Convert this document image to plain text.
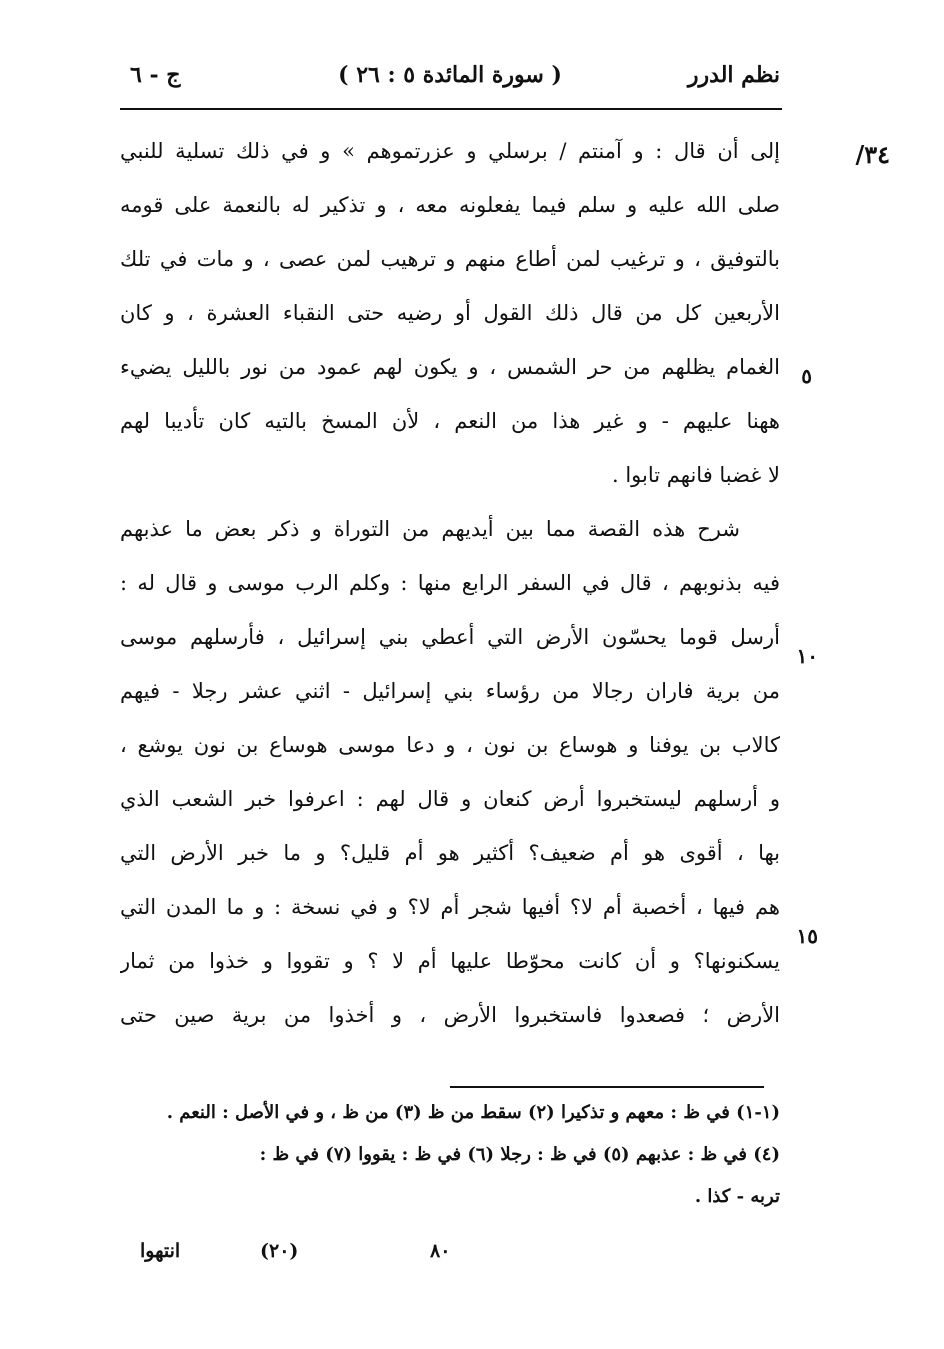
نظم الدرر
( سورة المائدة ٥ : ٢٦ )
ج - ٦
٣٤/
٥
١٠
١٥
إلى أن قال : و آمنتم / برسلي و عزرتموهم » و في ذلك تسلية للنبي
صلى الله عليه و سلم فيما يفعلونه معه ، و تذكير له بالنعمة على قومه
بالتوفيق ، و ترغيب لمن أطاع منهم و ترهيب لمن عصى ، و مات في تلك
الأربعين كل من قال ذلك القول أو رضيه حتى النقباء العشرة ، و كان
الغمام يظلهم من حر الشمس ، و يكون لهم عمود من نور بالليل يضيء
ههنا عليهم - و غير هذا من النعم ، لأن المسخ بالتيه كان تأديبا لهم
لا غضبا فانهم تابوا .
شرح هذه القصة مما بين أيديهم من التوراة و ذكر بعض ما عذبهم
فيه بذنوبهم ، قال في السفر الرابع منها : وكلم الرب موسى و قال له :
أرسل قوما يحسّون الأرض التي أعطي بني إسرائيل ، فأرسلهم موسى
من برية فاران رجالا من رؤساء بني إسرائيل - اثني عشر رجلا - فيهم
كالاب بن يوفنا و هوساع بن نون ، و دعا موسى هوساع بن نون يوشع ،
و أرسلهم ليستخبروا أرض كنعان و قال لهم : اعرفوا خبر الشعب الذي
بها ، أقوى هو أم ضعيف؟ أكثير هو أم قليل؟ و ما خبر الأرض التي
هم فيها ، أخصبة أم لا؟ أفيها شجر أم لا؟ و في نسخة : و ما المدن التي
يسكنونها؟ و أن كانت محوّطا عليها أم لا ؟ و تقووا و خذوا من ثمار
الأرض ؛ فصعدوا فاستخبروا الأرض ، و أخذوا من برية صين حتى
(١-١) في ظ : معهم و تذكيرا (٢) سقط من ظ (٣) من ظ ، و في الأصل : النعم .
(٤) في ظ : عذبهم (٥) في ظ : رجلا (٦) في ظ : يقووا (٧) في ظ :
تربه - كذا .
٨٠
(٢٠)
انتهوا
